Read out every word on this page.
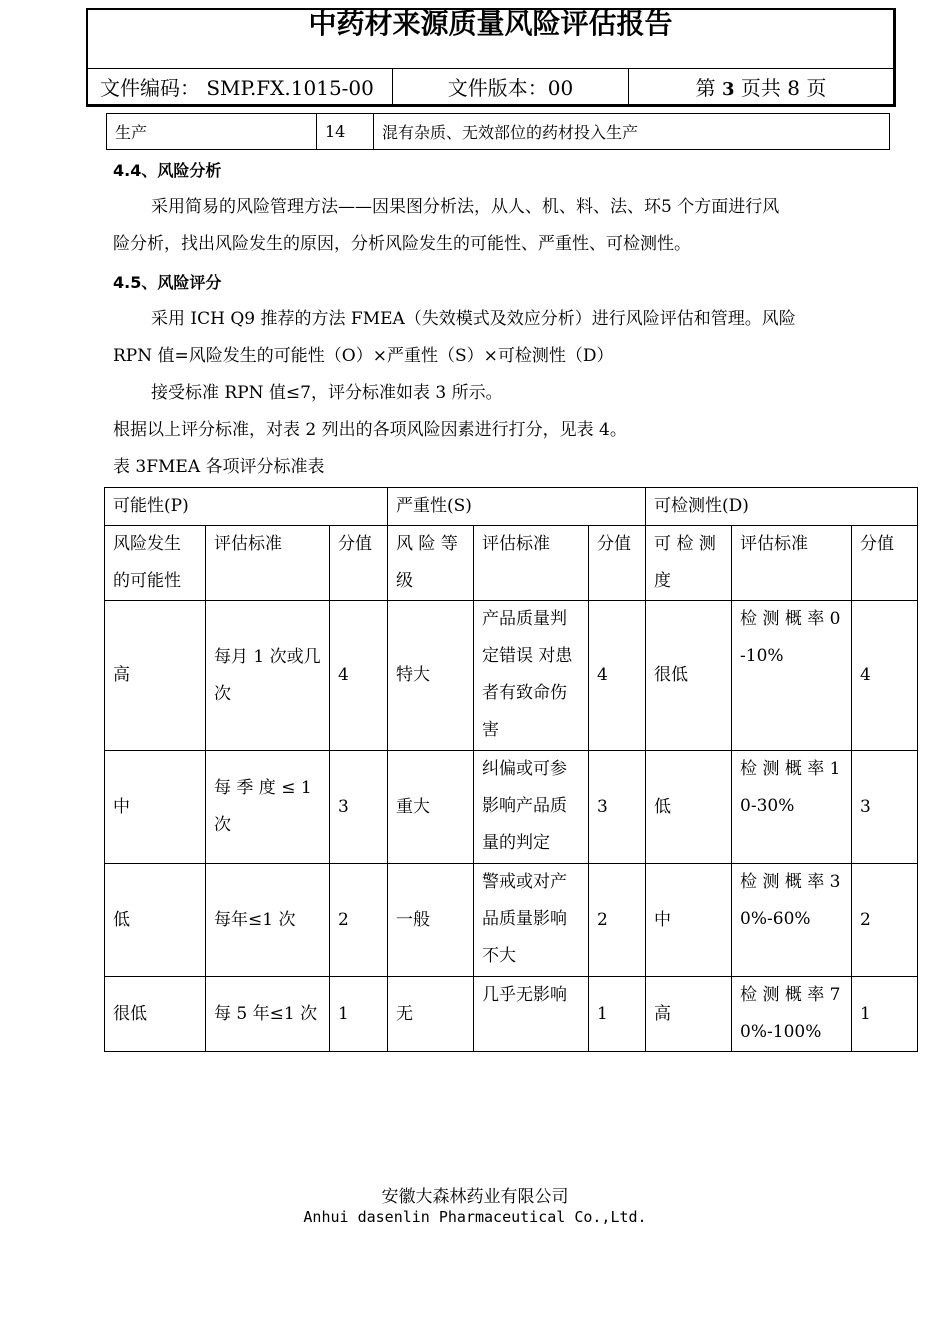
中药材来源质量风险评估报告
文件编码： SMP.FX.1015-00	文件版本：00	第 3 页共 8 页
生产	14	混有杂质、无效部位的药材投入生产
4.4、风险分析
采用简易的风险管理方法——因果图分析法，从人、机、料、法、环5 个方面进行风
险分析，找出风险发生的原因，分析风险发生的可能性、严重性、可检测性。
4.5、风险评分
采用 ICH Q9 推荐的方法 FMEA（失效模式及效应分析）进行风险评估和管理。风险
RPN 值=风险发生的可能性（O）×严重性（S）×可检测性（D）
接受标准 RPN 值≤7，评分标准如表 3 所示。
根据以上评分标准，对表 2 列出的各项风险因素进行打分，见表 4。
表 3FMEA 各项评分标准表
可能性(P)			严重性(S)			可检测性(D)		
风险发生的可能性	评估标准	分值	风 险 等级	评估标准	分值	可 检 测度	评估标准	分值
高	每月 1 次或几次	4	特大	产品质量判定错误 对患者有致命伤害	4	很低	检 测 概 率 0-10%	4
中	每 季 度 ≤ 1 次	3	重大	纠偏或可参影响产品质量的判定	3	低	检 测 概 率 10-30%	3
低	每年≤1 次	2	一般	警戒或对产品质量影响不大	2	中	检 测 概 率 30%-60%	2
很低	每 5 年≤1 次	1	无	几乎无影响	1	高	检 测 概 率 70%-100%	1
安徽大森林药业有限公司
Anhui dasenlin Pharmaceutical Co.,Ltd.
